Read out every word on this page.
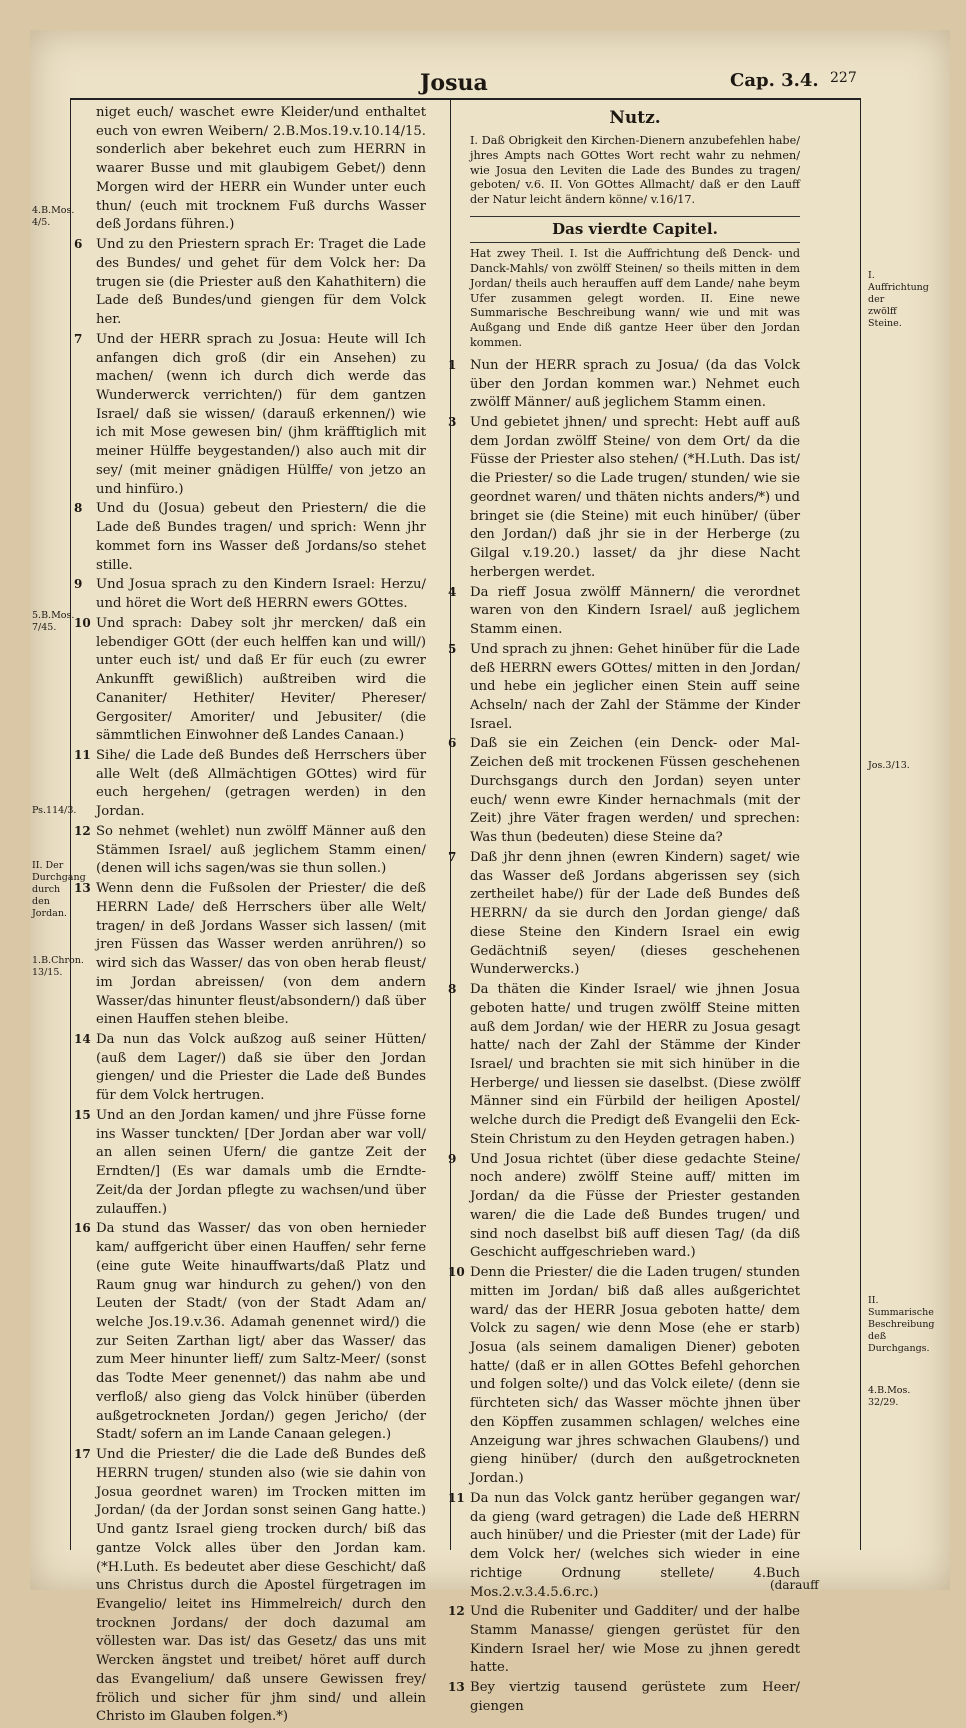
Josua	Cap. 3.4. 227
4.B.Mos. 4/5.
5.B.Mos. 7/45.
Ps.114/3.
II. Der Durchgang durch den Jordan.
1.B.Chron. 13/15.
I. Auffrichtung der zwölff Steine.
Jos.3/13.
II. Summarische Beschreibung deß Durchgangs.
4.B.Mos. 32/29.

niget euch/ waschet ewre Kleider/und enthaltet euch von ewren Weibern/ 2.B.Mos.19.v.10.14/15. sonderlich aber bekehret euch zum HERRN in waarer Busse und mit glaubigem Gebet/) denn Morgen wird der HERR ein Wunder unter euch thun/ (euch mit trocknem Fuß durchs Wasser deß Jordans führen.)

6 Und zu den Priestern sprach Er: Traget die Lade des Bundes/ und gehet für dem Volck her: Da trugen sie (die Priester auß den Kahathitern) die Lade deß Bundes/und giengen für dem Volck her.

7 Und der HERR sprach zu Josua: Heute will Ich anfangen dich groß (dir ein Ansehen) zu machen/ (wenn ich durch dich werde das Wunderwerck verrichten/) für dem gantzen Israel/ daß sie wissen/ (darauß erkennen/) wie ich mit Mose gewesen bin/ (jhm kräfftiglich mit meiner Hülffe beygestanden/) also auch mit dir sey/ (mit meiner gnädigen Hülffe/ von jetzo an und hinfüro.)

8 Und du (Josua) gebeut den Priestern/ die die Lade deß Bundes tragen/ und sprich: Wenn jhr kommet forn ins Wasser deß Jordans/so stehet stille.

9 Und Josua sprach zu den Kindern Israel: Herzu/ und höret die Wort deß HERRN ewers GOttes.

10 Und sprach: Dabey solt jhr mercken/ daß ein lebendiger GOtt (der euch helffen kan und will/) unter euch ist/ und daß Er für euch (zu ewrer Ankunfft gewißlich) außtreiben wird die Cananiter/ Hethiter/ Heviter/ Phereser/ Gergositer/ Amoriter/ und Jebusiter/ (die sämmtlichen Einwohner deß Landes Canaan.)

11 Sihe/ die Lade deß Bundes deß Herrschers über alle Welt (deß Allmächtigen GOttes) wird für euch hergehen/ (getragen werden) in den Jordan.

12 So nehmet (wehlet) nun zwölff Männer auß den Stämmen Israel/ auß jeglichem Stamm einen/ (denen will ichs sagen/was sie thun sollen.)

13 Wenn denn die Fußsolen der Priester/ die deß HERRN Lade/ deß Herrschers über alle Welt/ tragen/ in deß Jordans Wasser sich lassen/ (mit jren Füssen das Wasser werden anrühren/) so wird sich das Wasser/ das von oben herab fleust/ im Jordan abreissen/ (von dem andern Wasser/das hinunter fleust/absondern/) daß über einen Hauffen stehen bleibe.

14 Da nun das Volck außzog auß seiner Hütten/ (auß dem Lager/) daß sie über den Jordan giengen/ und die Priester die Lade deß Bundes für dem Volck hertrugen.

15 Und an den Jordan kamen/ und jhre Füsse forne ins Wasser tunckten/ [Der Jordan aber war voll/ an allen seinen Ufern/ die gantze Zeit der Erndten/] (Es war damals umb die Erndte-Zeit/da der Jordan pflegte zu wachsen/und über zulauffen.)

16 Da stund das Wasser/ das von oben hernieder kam/ auffgericht über einen Hauffen/ sehr ferne (eine gute Weite hinauffwarts/daß Platz und Raum gnug war hindurch zu gehen/) von den Leuten der Stadt/ (von der Stadt Adam an/ welche Jos.19.v.36. Adamah genennet wird/) die zur Seiten Zarthan ligt/ aber das Wasser/ das zum Meer hinunter lieff/ zum Saltz-Meer/ (sonst das Todte Meer genennet/) das nahm abe und verfloß/ also gieng das Volck hinüber (überden außgetrockneten Jordan/) gegen Jericho/ (der Stadt/ sofern an im Lande Canaan gelegen.)

17 Und die Priester/ die die Lade deß Bundes deß HERRN trugen/ stunden also (wie sie dahin von Josua geordnet waren) im Trocken mitten im Jordan/ (da der Jordan sonst seinen Gang hatte.) Und gantz Israel gieng trocken durch/ biß das gantze Volck alles über den Jordan kam. (*H.Luth. Es bedeutet aber diese Geschicht/ daß uns Christus durch die Apostel fürgetragen im Evangelio/ leitet ins Himmelreich/ durch den trocknen Jordans/ der doch dazumal am völlesten war. Das ist/ das Gesetz/ das uns mit Wercken ängstet und treibet/ höret auff durch das Evangelium/ daß unsere Gewissen frey/ frölich und sicher für jhm sind/ und allein Christo im Glauben folgen.*)

Nutz.
I. Daß Obrigkeit den Kirchen-Dienern anzubefehlen habe/ jhres Ampts nach GOttes Wort recht wahr zu nehmen/ wie Josua den Leviten die Lade des Bundes zu tragen/ geboten/ v.6. II. Von GOttes Allmacht/ daß er den Lauff der Natur leicht ändern könne/ v.16/17.
Das vierdte Capitel.
Hat zwey Theil. I. Ist die Auffrichtung deß Denck- und Danck-Mahls/ von zwölff Steinen/ so theils mitten in dem Jordan/ theils auch herauffen auff dem Lande/ nahe beym Ufer zusammen gelegt worden. II. Eine newe Summarische Beschreibung wann/ wie und mit was Außgang und Ende diß gantze Heer über den Jordan kommen.

1 Nun der HERR sprach zu Josua/ (da das Volck über den Jordan kommen war.) Nehmet euch zwölff Männer/ auß jeglichem Stamm einen.

3 Und gebietet jhnen/ und sprecht: Hebt auff auß dem Jordan zwölff Steine/ von dem Ort/ da die Füsse der Priester also stehen/ (*H.Luth. Das ist/ die Priester/ so die Lade trugen/ stunden/ wie sie geordnet waren/ und thäten nichts anders/*) und bringet sie (die Steine) mit euch hinüber/ (über den Jordan/) daß jhr sie in der Herberge (zu Gilgal v.19.20.) lasset/ da jhr diese Nacht herbergen werdet.

4 Da rieff Josua zwölff Männern/ die verordnet waren von den Kindern Israel/ auß jeglichem Stamm einen.

5 Und sprach zu jhnen: Gehet hinüber für die Lade deß HERRN ewers GOttes/ mitten in den Jordan/ und hebe ein jeglicher einen Stein auff seine Achseln/ nach der Zahl der Stämme der Kinder Israel.

6 Daß sie ein Zeichen (ein Denck- oder Mal-Zeichen deß mit trockenen Füssen geschehenen Durchsgangs durch den Jordan) seyen unter euch/ wenn ewre Kinder hernachmals (mit der Zeit) jhre Väter fragen werden/ und sprechen: Was thun (bedeuten) diese Steine da?

7 Daß jhr denn jhnen (ewren Kindern) saget/ wie das Wasser deß Jordans abgerissen sey (sich zertheilet habe/) für der Lade deß Bundes deß HERRN/ da sie durch den Jordan gienge/ daß diese Steine den Kindern Israel ein ewig Gedächtniß seyen/ (dieses geschehenen Wunderwercks.)

8 Da thäten die Kinder Israel/ wie jhnen Josua geboten hatte/ und trugen zwölff Steine mitten auß dem Jordan/ wie der HERR zu Josua gesagt hatte/ nach der Zahl der Stämme der Kinder Israel/ und brachten sie mit sich hinüber in die Herberge/ und liessen sie daselbst. (Diese zwölff Männer sind ein Fürbild der heiligen Apostel/ welche durch die Predigt deß Evangelii den Eck-Stein Christum zu den Heyden getragen haben.)

9 Und Josua richtet (über diese gedachte Steine/ noch andere) zwölff Steine auff/ mitten im Jordan/ da die Füsse der Priester gestanden waren/ die die Lade deß Bundes trugen/ und sind noch daselbst biß auff diesen Tag/ (da diß Geschicht auffgeschrieben ward.)

10 Denn die Priester/ die die Laden trugen/ stunden mitten im Jordan/ biß daß alles außgerichtet ward/ das der HERR Josua geboten hatte/ dem Volck zu sagen/ wie denn Mose (ehe er starb) Josua (als seinem damaligen Diener) geboten hatte/ (daß er in allen GOttes Befehl gehorchen und folgen solte/) und das Volck eilete/ (denn sie fürchteten sich/ das Wasser möchte jhnen über den Köpffen zusammen schlagen/ welches eine Anzeigung war jhres schwachen Glaubens/) und gieng hinüber/ (durch den außgetrockneten Jordan.)

11 Da nun das Volck gantz herüber gegangen war/ da gieng (ward getragen) die Lade deß HERRN auch hinüber/ und die Priester (mit der Lade) für dem Volck her/ (welches sich wieder in eine richtige Ordnung stellete/ 4.Buch Mos.2.v.3.4.5.6.rc.)

12 Und die Rubeniter und Gadditer/ und der halbe Stamm Manasse/ giengen gerüstet für den Kindern Israel her/ wie Mose zu jhnen geredt hatte.

13 Bey viertzig tausend gerüstete zum Heer/ giengen

(darauff
